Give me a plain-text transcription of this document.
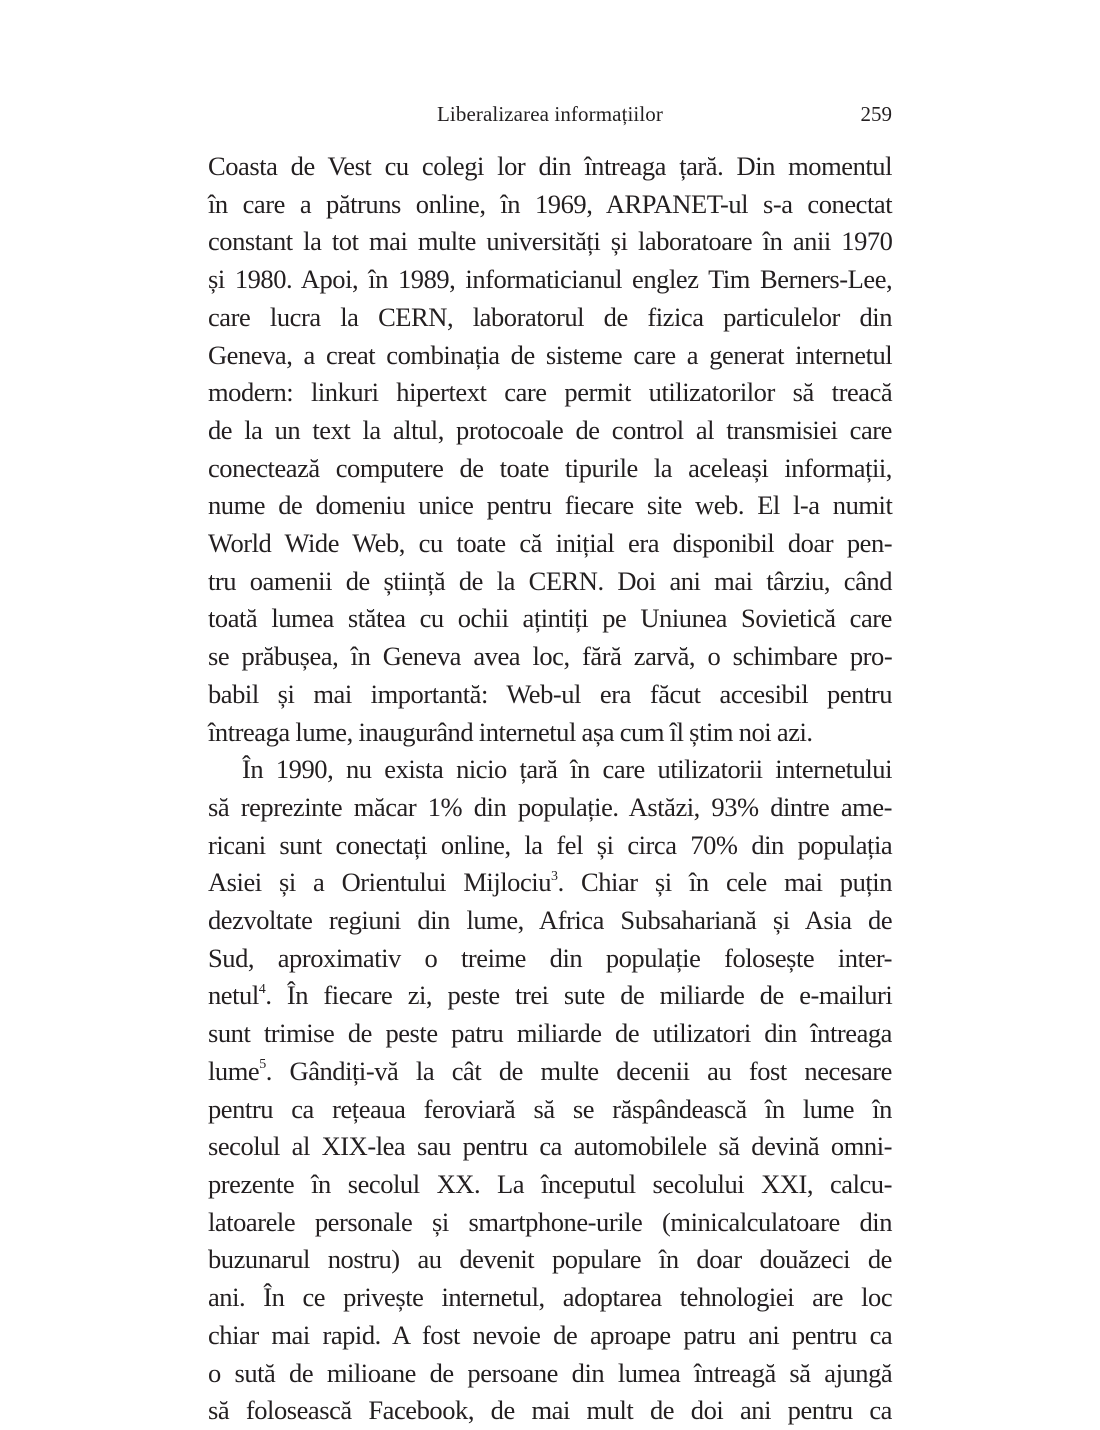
Liberalizarea informațiilor	259

Coasta de Vest cu colegi lor din întreaga țară. Din momentul
în care a pătruns online, în 1969, ARPANET-ul s-a conectat
constant la tot mai multe universități și laboratoare în anii 1970
și 1980. Apoi, în 1989, informaticianul englez Tim Berners-Lee,
care lucra la CERN, laboratorul de fizica particulelor din
Geneva, a creat combinația de sisteme care a generat internetul
modern: linkuri hipertext care permit utilizatorilor să treacă
de la un text la altul, protocoale de control al transmisiei care
conectează computere de toate tipurile la aceleași informații,
nume de domeniu unice pentru fiecare site web. El l-a numit
World Wide Web, cu toate că inițial era disponibil doar pen-
tru oamenii de știință de la CERN. Doi ani mai târziu, când
toată lumea stătea cu ochii ațintiți pe Uniunea Sovietică care
se prăbușea, în Geneva avea loc, fără zarvă, o schimbare pro-
babil și mai importantă: Web-ul era făcut accesibil pentru
întreaga lume, inaugurând internetul așa cum îl știm noi azi.

În 1990, nu exista nicio țară în care utilizatorii internetului
să reprezinte măcar 1% din populație. Astăzi, 93% dintre ame-
ricani sunt conectați online, la fel și circa 70% din populația
Asiei și a Orientului Mijlociu$^3$. Chiar și în cele mai puțin
dezvoltate regiuni din lume, Africa Subsahariană și Asia de
Sud, aproximativ o treime din populație folosește inter-
netul$^4$. În fiecare zi, peste trei sute de miliarde de e-mailuri
sunt trimise de peste patru miliarde de utilizatori din întreaga
lume$^5$. Gândiți-vă la cât de multe decenii au fost necesare
pentru ca rețeaua feroviară să se răspândească în lume în
secolul al XIX-lea sau pentru ca automobilele să devină omni-
prezente în secolul XX. La începutul secolului XXI, calcu-
latoarele personale și smartphone-urile (minicalculatoare din
buzunarul nostru) au devenit populare în doar douăzeci de
ani. În ce privește internetul, adoptarea tehnologiei are loc
chiar mai rapid. A fost nevoie de aproape patru ani pentru ca
o sută de milioane de persoane din lumea întreagă să ajungă
să folosească Facebook, de mai mult de doi ani pentru ca
